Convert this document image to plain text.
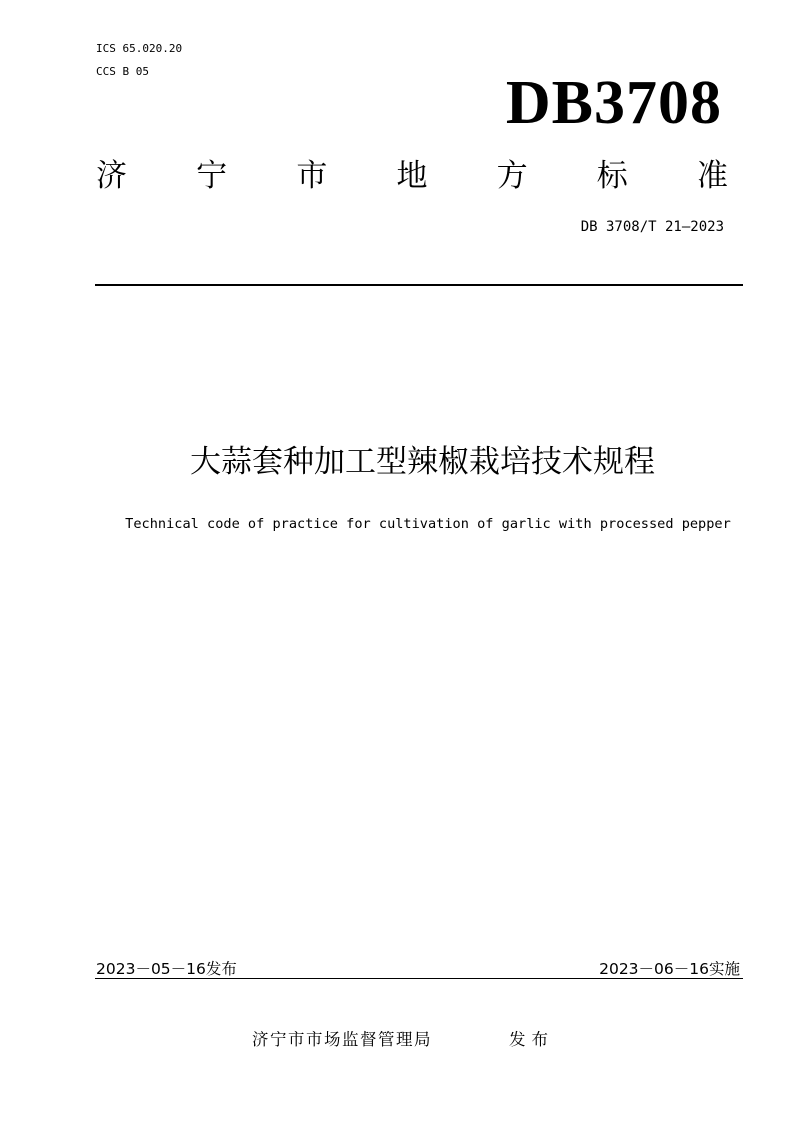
ICS 65.020.20
CCS B 05	DB3708
济 宁 市 地 方 标 准
DB 3708/T 21—2023
大蒜套种加工型辣椒栽培技术规程
Technical code of practice for cultivation of garlic with processed pepper
2023－05－16发布	2023－06－16实施
济宁市市场监督管理局	发布
